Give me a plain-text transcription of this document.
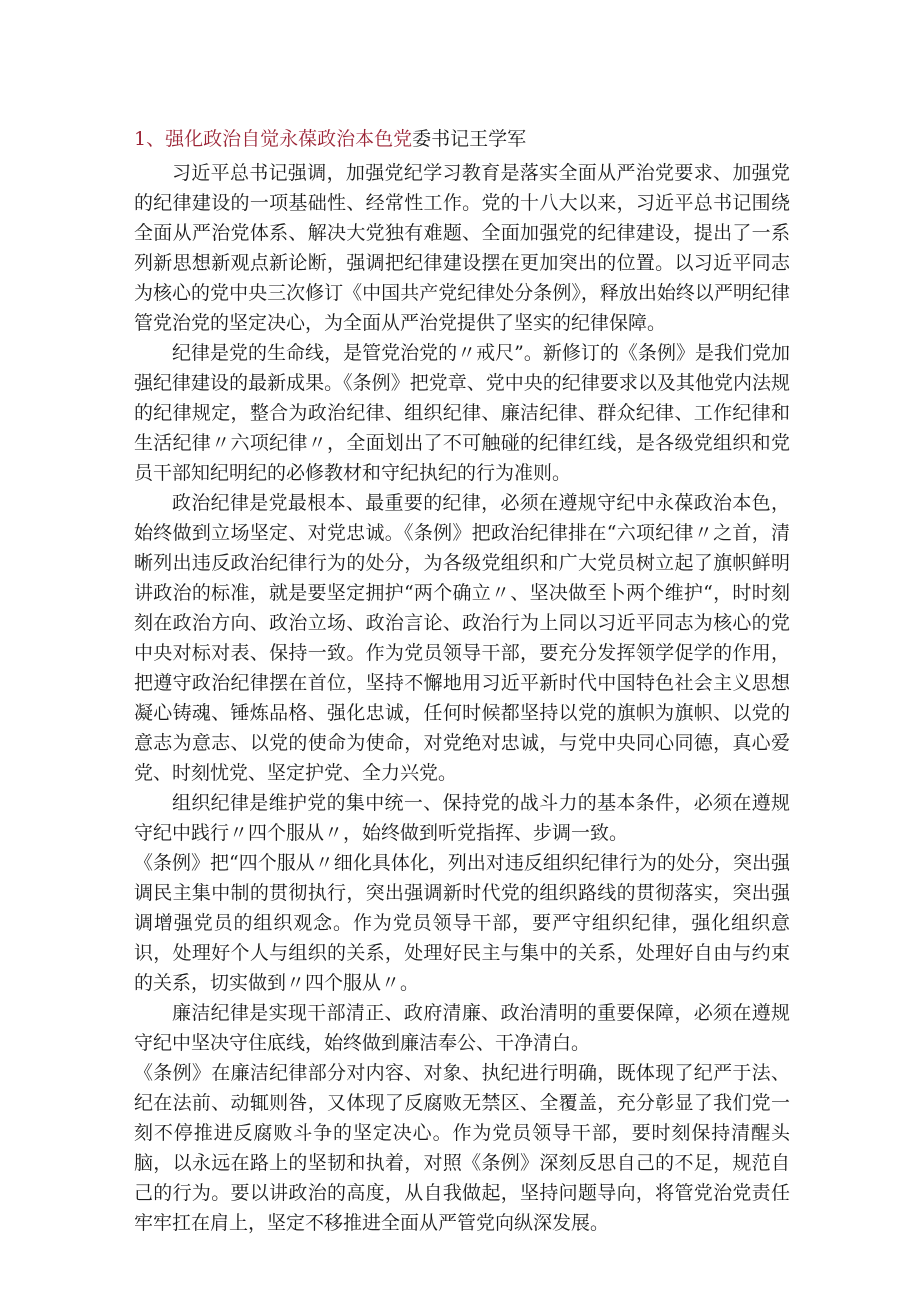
1、强化政治自觉永葆政治本色党委书记王学军

习近平总书记强调，加强党纪学习教育是落实全面从严治党要求、加强党的纪律建设的一项基础性、经常性工作。党的十八大以来，习近平总书记围绕全面从严治党体系、解决大党独有难题、全面加强党的纪律建设，提出了一系列新思想新观点新论断，强调把纪律建设摆在更加突出的位置。以习近平同志为核心的党中央三次修订《中国共产党纪律处分条例》，释放出始终以严明纪律管党治党的坚定决心，为全面从严治党提供了坚实的纪律保障。

纪律是党的生命线，是管党治党的〃戒尺”。新修订的《条例》是我们党加强纪律建设的最新成果。《条例》把党章、党中央的纪律要求以及其他党内法规的纪律规定，整合为政治纪律、组织纪律、廉洁纪律、群众纪律、工作纪律和生活纪律〃六项纪律〃，全面划出了不可触碰的纪律红线，是各级党组织和党员干部知纪明纪的必修教材和守纪执纪的行为准则。

政治纪律是党最根本、最重要的纪律，必须在遵规守纪中永葆政治本色，始终做到立场坚定、对党忠诚。《条例》把政治纪律排在“六项纪律〃之首，清晰列出违反政治纪律行为的处分，为各级党组织和广大党员树立起了旗帜鲜明讲政治的标准，就是要坚定拥护“两个确立〃、坚决做至卜两个维护“，时时刻刻在政治方向、政治立场、政治言论、政治行为上同以习近平同志为核心的党中央对标对表、保持一致。作为党员领导干部，要充分发挥领学促学的作用，把遵守政治纪律摆在首位，坚持不懈地用习近平新时代中国特色社会主义思想凝心铸魂、锤炼品格、强化忠诚，任何时候都坚持以党的旗帜为旗帜、以党的意志为意志、以党的使命为使命，对党绝对忠诚，与党中央同心同德，真心爱党、时刻忧党、坚定护党、全力兴党。

组织纪律是维护党的集中统一、保持党的战斗力的基本条件，必须在遵规守纪中践行〃四个服从〃，始终做到听党指挥、步调一致。

《条例》把“四个服从〃细化具体化，列出对违反组织纪律行为的处分，突出强调民主集中制的贯彻执行，突出强调新时代党的组织路线的贯彻落实，突出强调增强党员的组织观念。作为党员领导干部，要严守组织纪律，强化组织意识，处理好个人与组织的关系，处理好民主与集中的关系，处理好自由与约束的关系，切实做到〃四个服从〃。

廉洁纪律是实现干部清正、政府清廉、政治清明的重要保障，必须在遵规守纪中坚决守住底线，始终做到廉洁奉公、干净清白。

《条例》在廉洁纪律部分对内容、对象、执纪进行明确，既体现了纪严于法、纪在法前、动辄则咎，又体现了反腐败无禁区、全覆盖，充分彰显了我们党一刻不停推进反腐败斗争的坚定决心。作为党员领导干部，要时刻保持清醒头脑，以永远在路上的坚韧和执着，对照《条例》深刻反思自己的不足，规范自己的行为。要以讲政治的高度，从自我做起，坚持问题导向，将管党治党责任牢牢扛在肩上，坚定不移推进全面从严管党向纵深发展。
